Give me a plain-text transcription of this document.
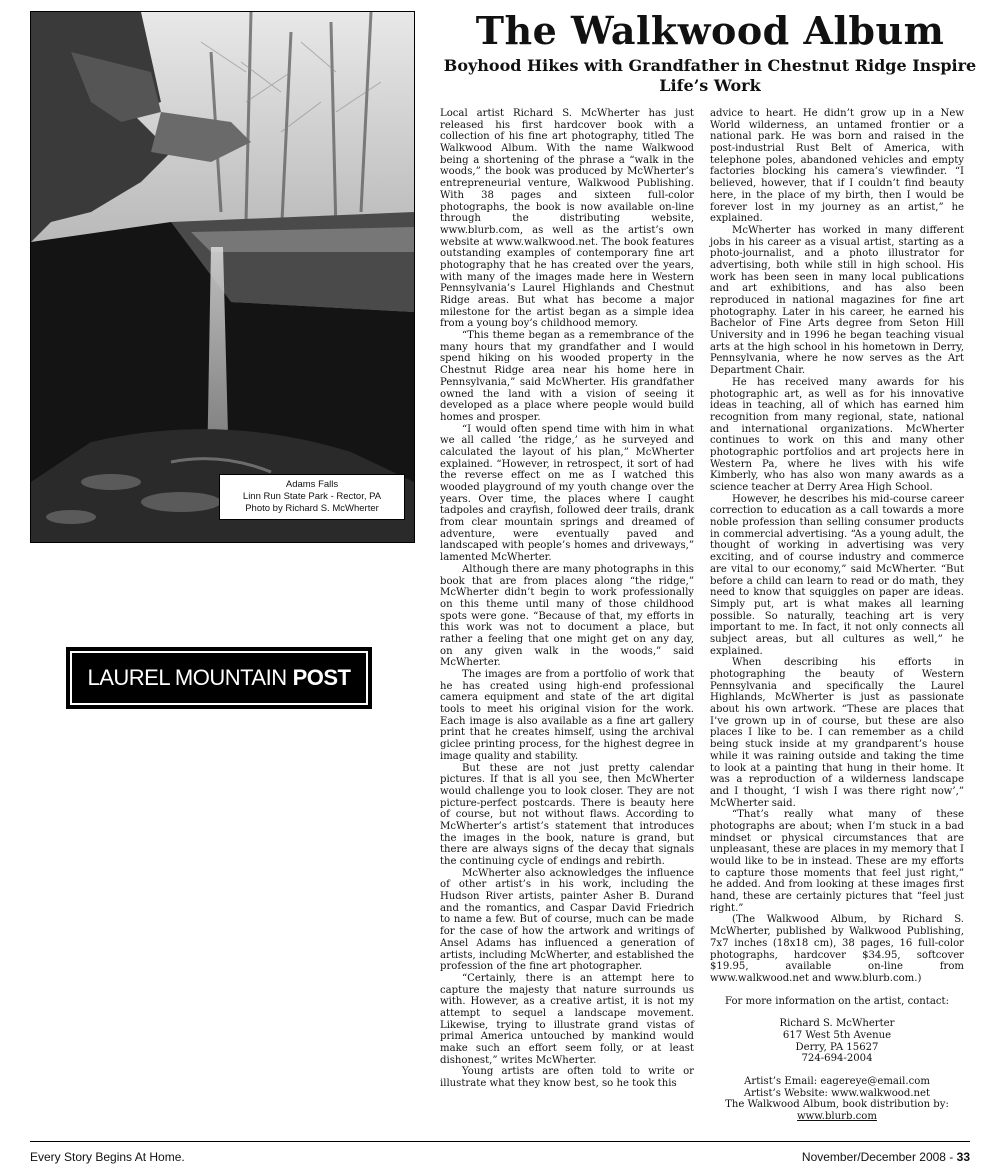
Adams Falls
Linn Run State Park - Rector, PA
Photo by Richard S. McWherter
LAUREL MOUNTAIN POST
The Walkwood Album
Boyhood Hikes with Grandfather in Chestnut Ridge Inspire Life’s Work

Local artist Richard S. McWherter has just released his first hardcover book with a collection of his fine art photography, titled The Walkwood Album. With the name Walkwood being a shortening of the phrase a “walk in the woods,” the book was produced by McWherter’s entrepreneurial venture, Walkwood Publishing. With 38 pages and sixteen full-color photographs, the book is now available on-line through the distributing website, www.blurb.com, as well as the artist’s own website at www.walkwood.net. The book features outstanding examples of contemporary fine art photography that he has created over the years, with many of the images made here in Western Pennsylvania’s Laurel Highlands and Chestnut Ridge areas. But what has become a major milestone for the artist began as a simple idea from a young boy’s childhood memory.

“This theme began as a remembrance of the many hours that my grandfather and I would spend hiking on his wooded property in the Chestnut Ridge area near his home here in Pennsylvania,” said McWherter. His grandfather owned the land with a vision of seeing it developed as a place where people would build homes and prosper.

“I would often spend time with him in what we all called ‘the ridge,’ as he surveyed and calculated the layout of his plan,” McWherter explained. “However, in retrospect, it sort of had the reverse effect on me as I watched this wooded playground of my youth change over the years. Over time, the places where I caught tadpoles and crayfish, followed deer trails, drank from clear mountain springs and dreamed of adventure, were eventually paved and landscaped with people’s homes and driveways,” lamented McWherter.

Although there are many photographs in this book that are from places along “the ridge,” McWherter didn’t begin to work professionally on this theme until many of those childhood spots were gone. “Because of that, my efforts in this work was not to document a place, but rather a feeling that one might get on any day, on any given walk in the woods,” said McWherter.

The images are from a portfolio of work that he has created using high-end professional camera equipment and state of the art digital tools to meet his original vision for the work. Each image is also available as a fine art gallery print that he creates himself, using the archival giclee printing process, for the highest degree in image quality and stability.

But these are not just pretty calendar pictures. If that is all you see, then McWherter would challenge you to look closer. They are not picture-perfect postcards. There is beauty here of course, but not without flaws. According to McWherter’s artist’s statement that introduces the images in the book, nature is grand, but there are always signs of the decay that signals the continuing cycle of endings and rebirth.

McWherter also acknowledges the influence of other artist’s in his work, including the Hudson River artists, painter Asher B. Durand and the romantics, and Caspar David Friedrich to name a few. But of course, much can be made for the case of how the artwork and writings of Ansel Adams has influenced a generation of artists, including McWherter, and established the profession of the fine art photographer.

“Certainly, there is an attempt here to capture the majesty that nature surrounds us with. However, as a creative artist, it is not my attempt to sequel a landscape movement. Likewise, trying to illustrate grand vistas of primal America untouched by mankind would make such an effort seem folly, or at least dishonest,” writes McWherter.

Young artists are often told to write or illustrate what they know best, so he took this

advice to heart. He didn’t grow up in a New World wilderness, an untamed frontier or a national park. He was born and raised in the post-industrial Rust Belt of America, with telephone poles, abandoned vehicles and empty factories blocking his camera’s viewfinder. “I believed, however, that if I couldn’t find beauty here, in the place of my birth, then I would be forever lost in my journey as an artist,” he explained.

McWherter has worked in many different jobs in his career as a visual artist, starting as a photo-journalist, and a photo illustrator for advertising, both while still in high school. His work has been seen in many local publications and art exhibitions, and has also been reproduced in national magazines for fine art photography. Later in his career, he earned his Bachelor of Fine Arts degree from Seton Hill University and in 1996 he began teaching visual arts at the high school in his hometown in Derry, Pennsylvania, where he now serves as the Art Department Chair.

He has received many awards for his photographic art, as well as for his innovative ideas in teaching, all of which has earned him recognition from many regional, state, national and international organizations. McWherter continues to work on this and many other photographic portfolios and art projects here in Western Pa, where he lives with his wife Kimberly, who has also won many awards as a science teacher at Derry Area High School.

However, he describes his mid-course career correction to education as a call towards a more noble profession than selling consumer products in commercial advertising. “As a young adult, the thought of working in advertising was very exciting, and of course industry and commerce are vital to our economy,” said McWherter. “But before a child can learn to read or do math, they need to know that squiggles on paper are ideas. Simply put, art is what makes all learning possible. So naturally, teaching art is very important to me. In fact, it not only connects all subject areas, but all cultures as well,” he explained.

When describing his efforts in photographing the beauty of Western Pennsylvania and specifically the Laurel Highlands, McWherter is just as passionate about his own artwork. “These are places that I’ve grown up in of course, but these are also places I like to be. I can remember as a child being stuck inside at my grandparent’s house while it was raining outside and taking the time to look at a painting that hung in their home. It was a reproduction of a wilderness landscape and I thought, ‘I wish I was there right now’,” McWherter said.

“That’s really what many of these photographs are about; when I’m stuck in a bad mindset or physical circumstances that are unpleasant, these are places in my memory that I would like to be in instead. These are my efforts to capture those moments that feel just right,” he added. And from looking at these images first hand, these are certainly pictures that “feel just right.”

(The Walkwood Album, by Richard S. McWherter, published by Walkwood Publishing, 7x7 inches (18x18 cm), 38 pages, 16 full-color photographs, hardcover $34.95, softcover $19.95, available on-line from www.walkwood.net and www.blurb.com.)

For more information on the artist, contact:

Richard S. McWherter

617 West 5th Avenue

Derry, PA 15627

724-694-2004

Artist’s Email: eagereye@email.com

Artist’s Website: www.walkwood.net

The Walkwood Album, book distribution by:

www.blurb.com

Every Story Begins At Home.	November/December 2008 - 33
